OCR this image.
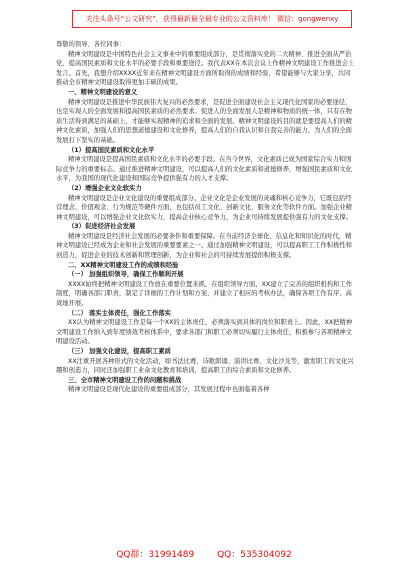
关注头条号“公文研究”，获得最新最全最专业的公文资料库！ 微信：gongwenxy

尊敬的领导、各位同事：

精神文明建设是中国特色社会主义事业中的重要组成部分，是贯彻落实党的二大精神、推进全面从严治党、提高国民素质和文化水平的必要手段和重要途径。我代表XX在本次会议上作精神文明建设工作推进会上发言。首先，我想介绍XXXX近年来在精神文明建设方面所取得的成绩和经验，希望能够与大家分享，共同推动全市精神文明建设取得更加丰硕的成果。

一、精神文明建设的意义

精神文明建设是推进中华民族伟大复兴的必然要求，是促进全面建设社会主义现代化国家的必要途径，也是实现人的全面发展和提高国民素质的必然要求。促进人的全面发展人是精神和物质的统一体，只有在物质生活得到满足的基础上，才能够实现精神的追求和全面的发展。精神文明建设的目的就是要提高人们的精神文化素质，加强人们的思想道德建设和文化修养，提高人们的自我认识和自我完善的能力，为人们的全面发展打下坚实的基础。

（1）提高国民素质和文化水平

精神文明建设是提高国民素质和文化水平的必要手段。在当今世界，文化素质已成为国家综合实力和国际竞争力的重要标志。通过推进精神文明建设，可以提高人们的文化素质和道德修养，增强国民素质和文化水平，为我国的现代化建设和国际竞争提供强有力的人才支撑。

（2）增强企业文化软实力

精神文明建设是企业文化建设的重要组成部分。企业文化是企业发展的灵魂和核心竞争力，它既包括经营理念、价值观念、行为规范等硬件方面，也包括员工文化、创新文化、服务文化等软件方面。加强企业精神文明建设，可以增强企业文化软实力，提高企业核心竞争力，为企业可持续发展提供强有力的文化支撑。

（3）促进经济社会发展

精神文明建设是经济社会发展的必要条件和重要保障。在当前经济全球化、信息化和知识化的时代，精神文明建设已经成为企业和社会发展的重要要素之一。通过加强精神文明建设，可以提高职工工作积极性和创造力，促进企业的技术创新和管理创新，为企业和社会的可持续发展提供积极支撑。

二、XX精神文明建设工作的成绩和经验

（一） 加强组织领导，确保工作顺利开展

XXXX始终把精神文明建设工作放在重要位置来抓，在组织领导方面，XX建立了完善的组织机构和工作制度，明确各部门职责，制定了详细的工作计划和方案，并建立了相应的考核办法，确保各项工作有序、高效地开展。

（二） 落实主体责任，强化工作落实

XX认为精神文明建设工作是每一个XX的主体责任，必须落实到具体的岗位和职责上。因此，XX把精神文明建设工作纳入到年度绩效考核体系中，要求各部门和职工必须切实履行主体责任，积极参与各项精神文明建设活动。

（三） 加强文化建设，提高职工素质

XX注重开展各种形式的文化活动，如书法比赛、诗歌朗诵、演讲比赛、文化沙龙等，激发职工的文化兴趣和创造力，同时还加强职工业余文化教育和培训，提高职工的综合素质和文化修养。

三、全市精神文明建设工作的问题和挑战

精神文明建设是现代化建设的重要组成部分，其发展过程中也面临着各种

QQ群：31991489	QQ：535304092
